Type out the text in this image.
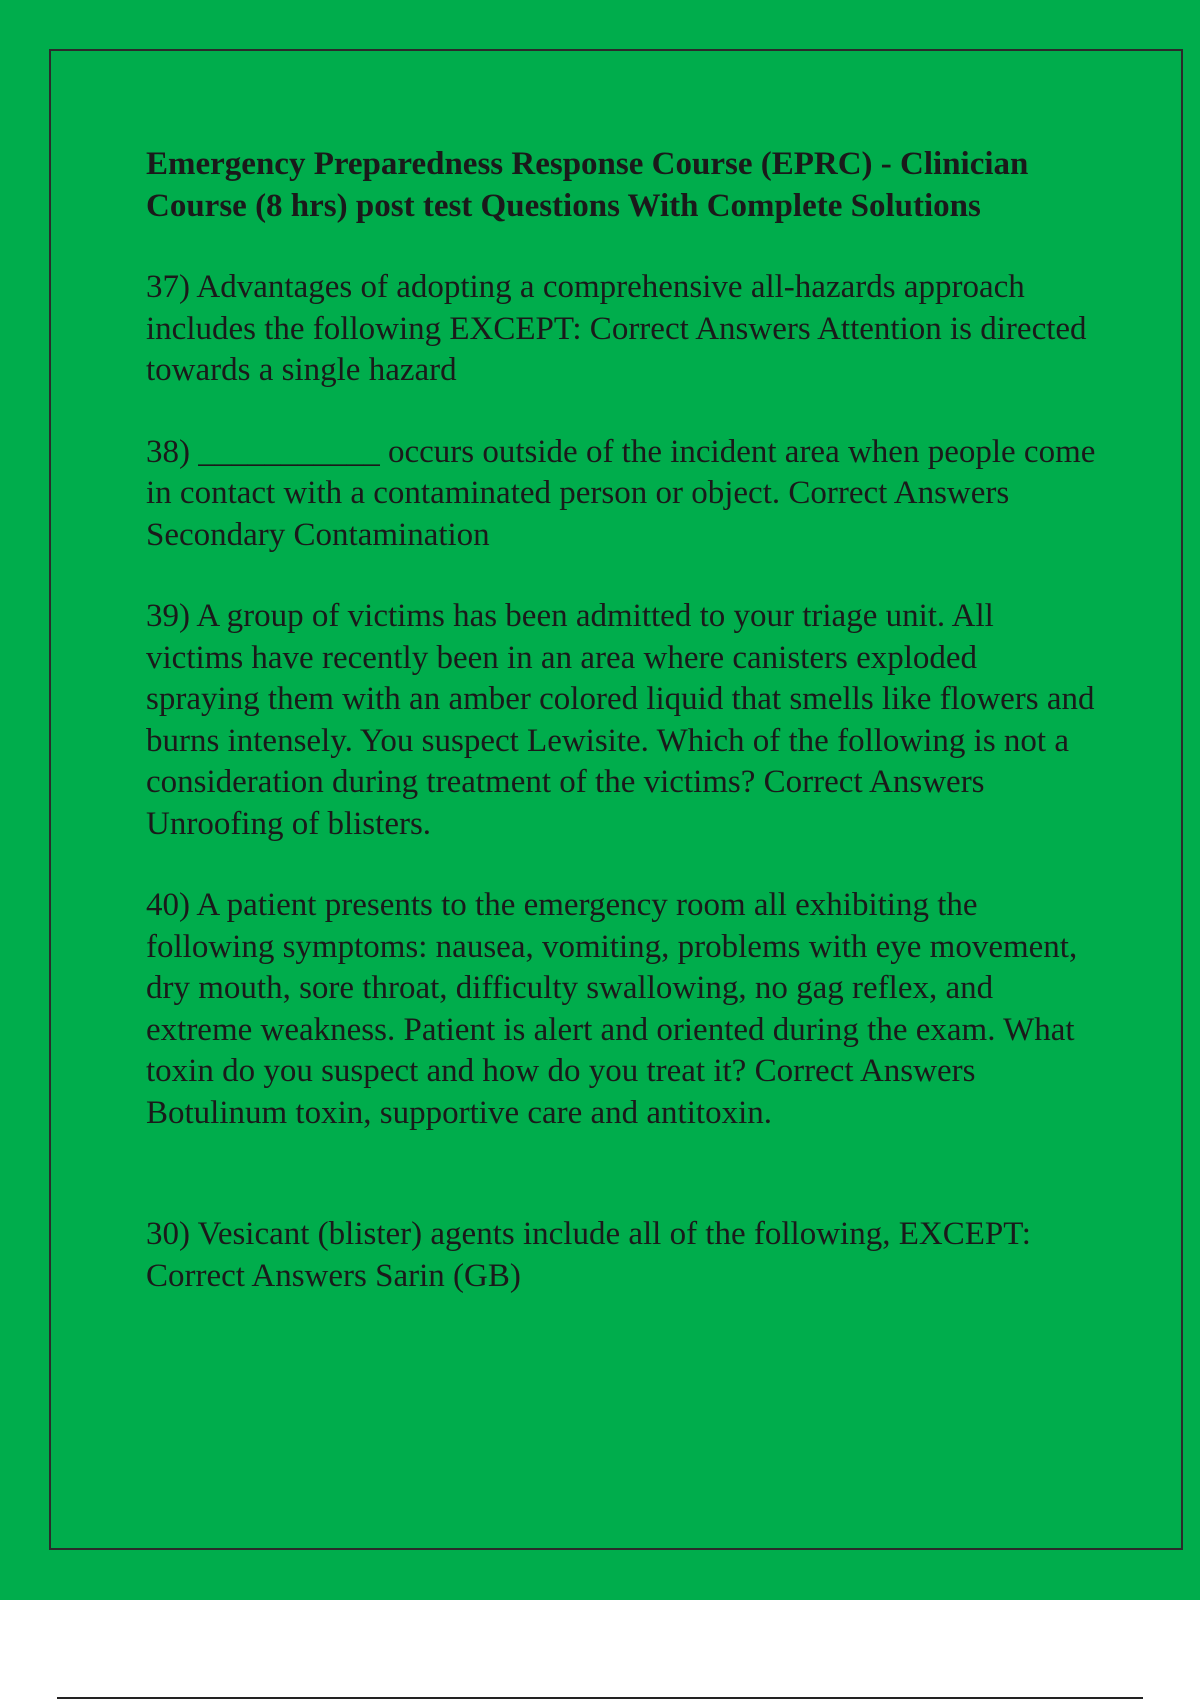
Emergency Preparedness Response Course (EPRC) - Clinician Course (8 hrs) post test Questions With Complete Solutions
37) Advantages of adopting a comprehensive all-hazards approach includes the following EXCEPT: Correct Answers Attention is directed towards a single hazard
38) ___________ occurs outside of the incident area when people come in contact with a contaminated person or object. Correct Answers Secondary Contamination
39) A group of victims has been admitted to your triage unit. All victims have recently been in an area where canisters exploded spraying them with an amber colored liquid that smells like flowers and burns intensely. You suspect Lewisite. Which of the following is not a consideration during treatment of the victims? Correct Answers Unroofing of blisters.
40) A patient presents to the emergency room all exhibiting the following symptoms: nausea, vomiting, problems with eye movement, dry mouth, sore throat, difficulty swallowing, no gag reflex, and extreme weakness. Patient is alert and oriented during the exam. What toxin do you suspect and how do you treat it? Correct Answers Botulinum toxin, supportive care and antitoxin.
30) Vesicant (blister) agents include all of the following, EXCEPT: Correct Answers Sarin (GB)
